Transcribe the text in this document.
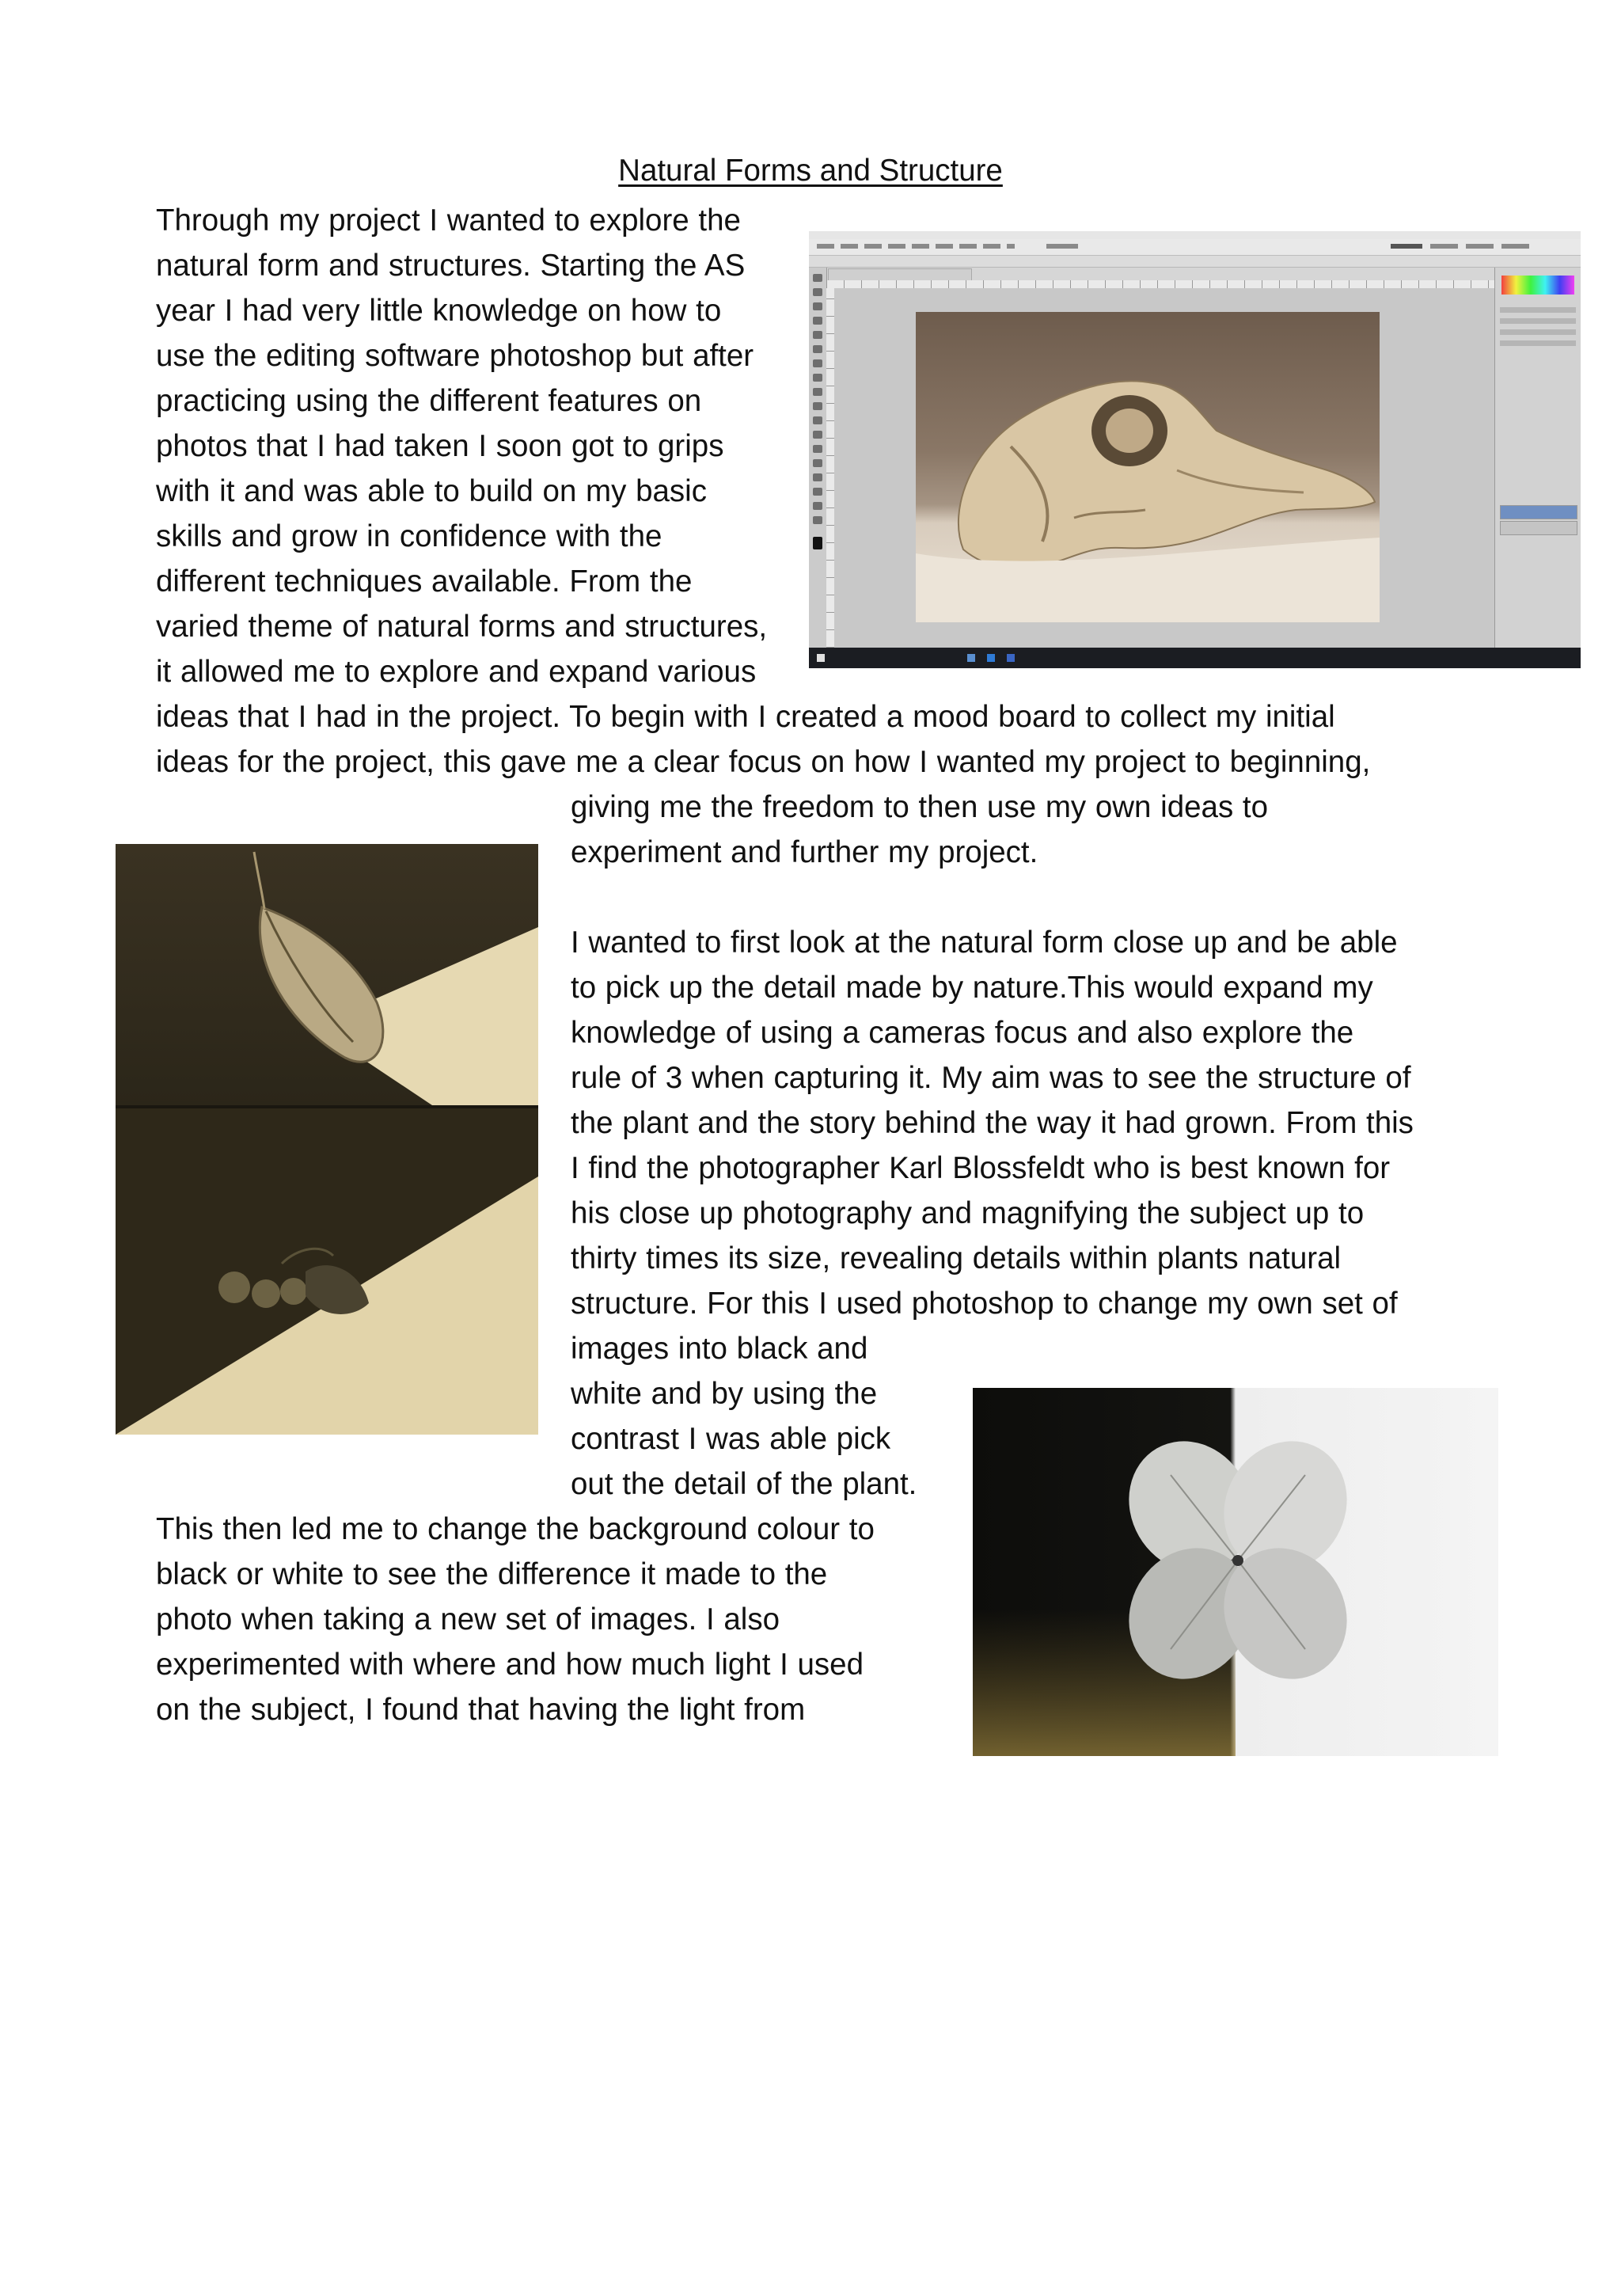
Natural Forms and Structure
Through my project I wanted to explore the
natural form and structures. Starting the AS
year I had very little knowledge on how to
use the editing software photoshop but after
practicing using the different features on
photos that I had taken I soon got to grips
with it and was able to build on my basic
skills and grow in confidence with the
different techniques available. From the
varied theme of natural forms and structures,
it allowed me to explore and expand various
ideas that I had in the project. To begin with I created a mood board to collect my initial
ideas for the project, this gave me a clear focus on how I wanted my project to beginning,
giving me the freedom to then use my own ideas to
experiment and further my project.
I wanted to first look at the natural form close up and be able
to pick up the detail made by nature.This would expand my
knowledge of using a cameras focus and also explore the
rule of 3 when capturing it. My aim was to see the structure of
the plant and the story behind the way it had grown. From this
I find the photographer Karl Blossfeldt who is best known for
his close up photography and magnifying the subject up to
thirty times its size, revealing details within plants natural
structure. For this I used photoshop to change my own set of
images into black and
white and by using the
contrast I was able pick
out the detail of the plant.
This then led me to change the background colour to
black or white to see the difference it made to the
photo when taking a new set of images. I also
experimented with where and how much light I used
on the subject, I found that having the light from
